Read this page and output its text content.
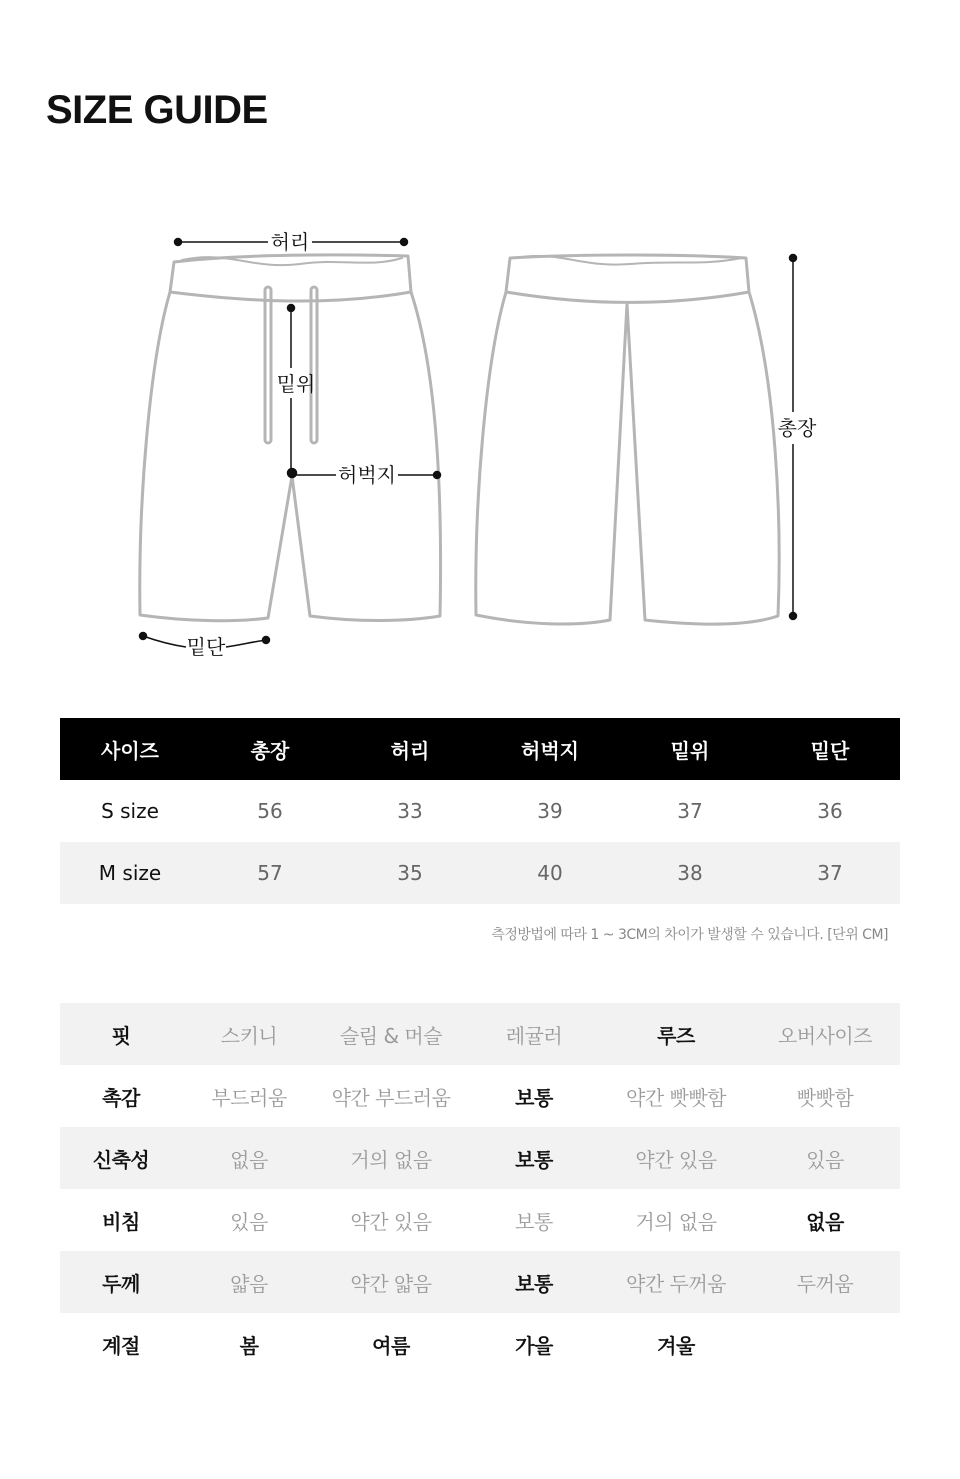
SIZE GUIDE
허리
밑위
허벅지
밑단
총장
사이즈	총장	허리	허벅지	밑위	밑단
S size	56	33	39	37	36
M size	57	35	40	38	37
측정방법에 따라 1 ~ 3CM의 차이가 발생할 수 있습니다. [단위 CM]
핏	스키니	슬림 & 머슬	레귤러	루즈	오버사이즈
촉감	부드러움	약간 부드러움	보통	약간 빳빳함	빳빳함
신축성	없음	거의 없음	보통	약간 있음	있음
비침	있음	약간 있음	보통	거의 없음	없음
두께	얇음	약간 얇음	보통	약간 두꺼움	두꺼움
계절	봄	여름	가을	겨울	
